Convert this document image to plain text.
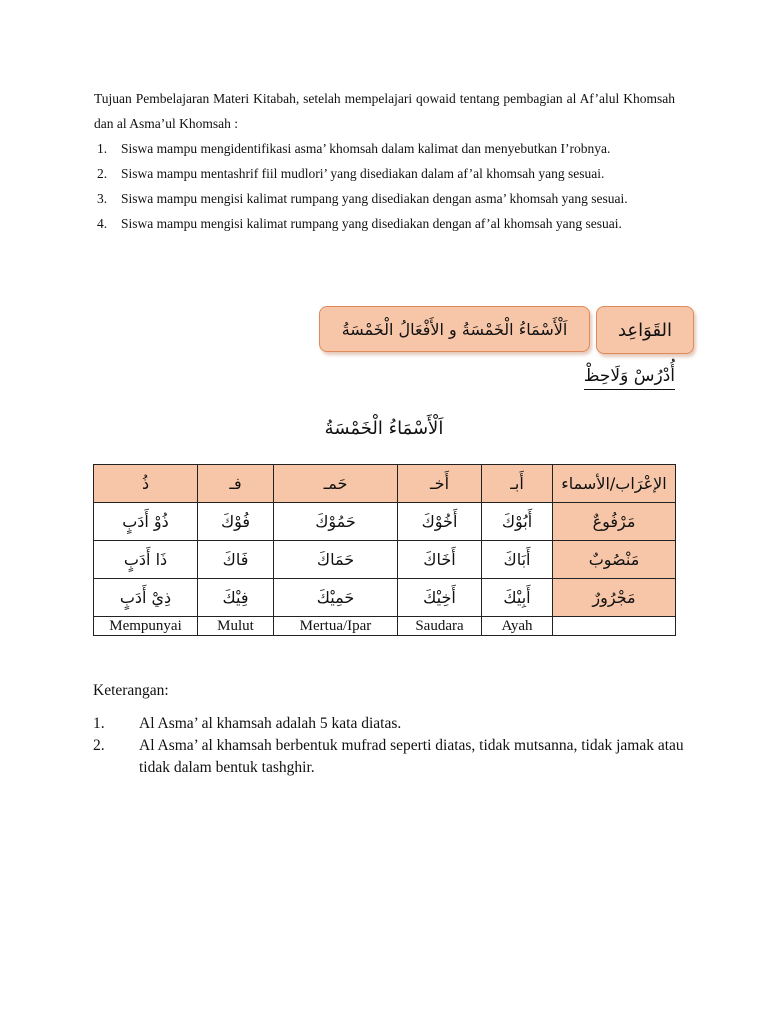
Tujuan Pembelajaran Materi Kitabah, setelah mempelajari qowaid tentang pembagian al Af’alul Khomsah dan al Asma’ul Khomsah :

1. Siswa mampu mengidentifikasi asma’ khomsah dalam kalimat dan menyebutkan I’robnya.
2. Siswa mampu mentashrif fiil mudlori’ yang disediakan dalam af’al khomsah yang sesuai.
3. Siswa mampu mengisi kalimat rumpang yang disediakan dengan asma’ khomsah yang sesuai.
4. Siswa mampu mengisi kalimat rumpang yang disediakan dengan af’al khomsah yang sesuai.
القَوَاعِد
اَلْأَسْمَاءُ الْخَمْسَةُ و الأَفْعَالُ الْخَمْسَةُ
أُدْرُسْ وَلَاحِظْ
اَلْأَسْمَاءُ الْخَمْسَةُ
الإعْرَاب/الأسماء	أَبـ	أَخـ	حَمـ	فـ	ذُ
مَرْفُوعٌ	أَبُوْكَ	أَخُوْكَ	حَمُوْكَ	فُوْكَ	ذُوْ أَدَبٍ
مَنْصُوبٌ	أَبَاكَ	أَخَاكَ	حَمَاكَ	فَاكَ	ذَا أَدَبٍ
مَجْرُورٌ	أَبِيْكَ	أَخِيْكَ	حَمِيْكَ	فِيْكَ	ذِيْ أَدَبٍ
	Ayah	Saudara	Mertua/Ipar	Mulut	Mempunyai

Keterangan:

1. Al Asma’ al khamsah adalah 5 kata diatas.
2. Al Asma’ al khamsah berbentuk mufrad seperti diatas, tidak mutsanna, tidak jamak atau tidak dalam bentuk tashghir.
